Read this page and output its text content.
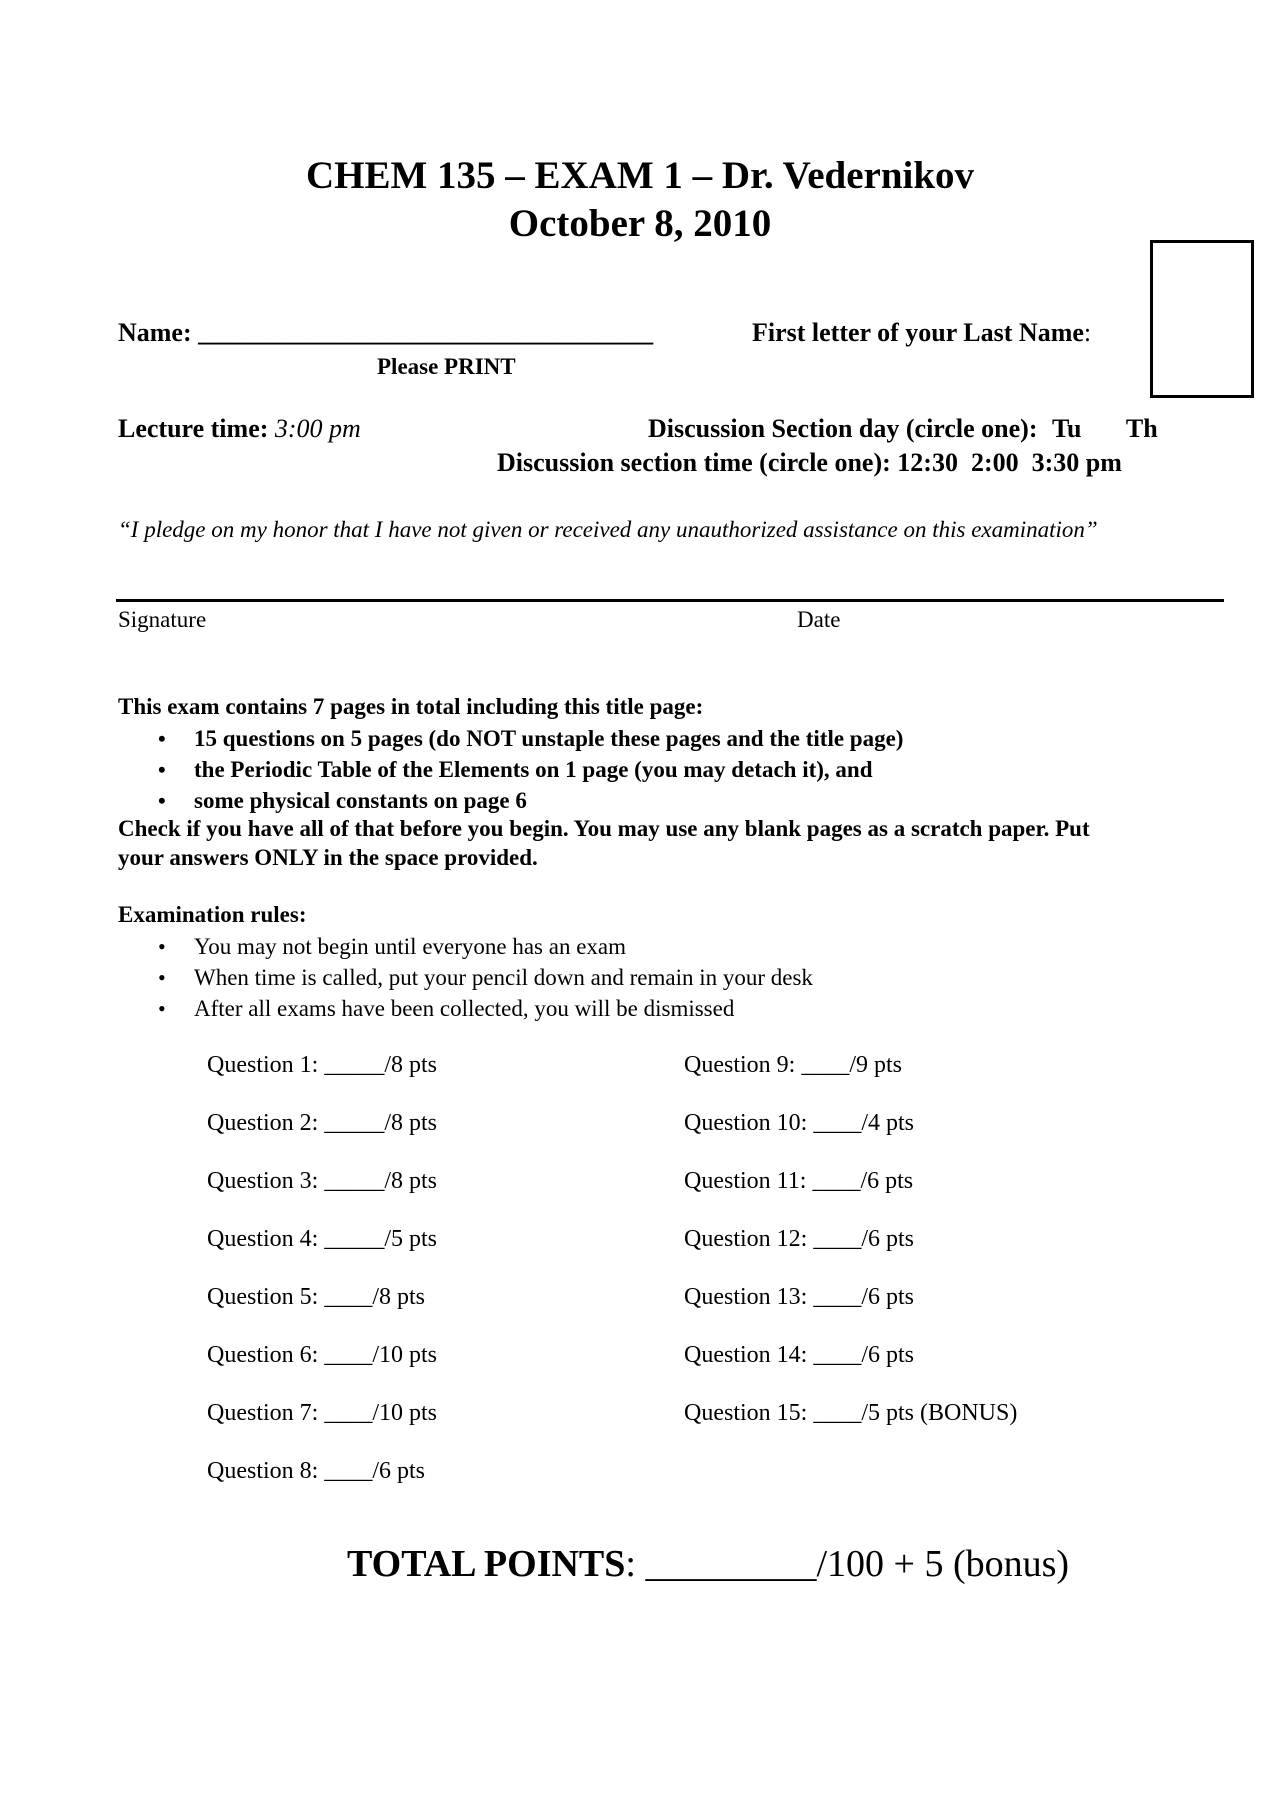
CHEM 135 – EXAM 1 – Dr. Vedernikov
October 8, 2010
Name: ___________________________________
Please PRINT
First letter of your Last Name:
Lecture time: 3:00 pm	Discussion Section day (circle one): Tu Th
Discussion section time (circle one): 12:30  2:00  3:30 pm
“I pledge on my honor that I have not given or received any unauthorized assistance on this examination”
Signature	Date
This exam contains 7 pages in total including this title page:
• 15 questions on 5 pages (do NOT unstaple these pages and the title page)
• the Periodic Table of the Elements on 1 page (you may detach it), and
• some physical constants on page 6
Check if you have all of that before you begin. You may use any blank pages as a scratch paper. Put
your answers ONLY in the space provided.
Examination rules:
• You may not begin until everyone has an exam
• When time is called, put your pencil down and remain in your desk
• After all exams have been collected, you will be dismissed
Question 1: _____/8 pts
Question 2: _____/8 pts
Question 3: _____/8 pts
Question 4: _____/5 pts
Question 5: ____/8 pts
Question 6: ____/10 pts
Question 7: ____/10 pts
Question 8: ____/6 pts
Question 9: ____/9 pts
Question 10: ____/4 pts
Question 11: ____/6 pts
Question 12: ____/6 pts
Question 13: ____/6 pts
Question 14: ____/6 pts
Question 15: ____/5 pts (BONUS)
TOTAL POINTS: _________/100 + 5 (bonus)
